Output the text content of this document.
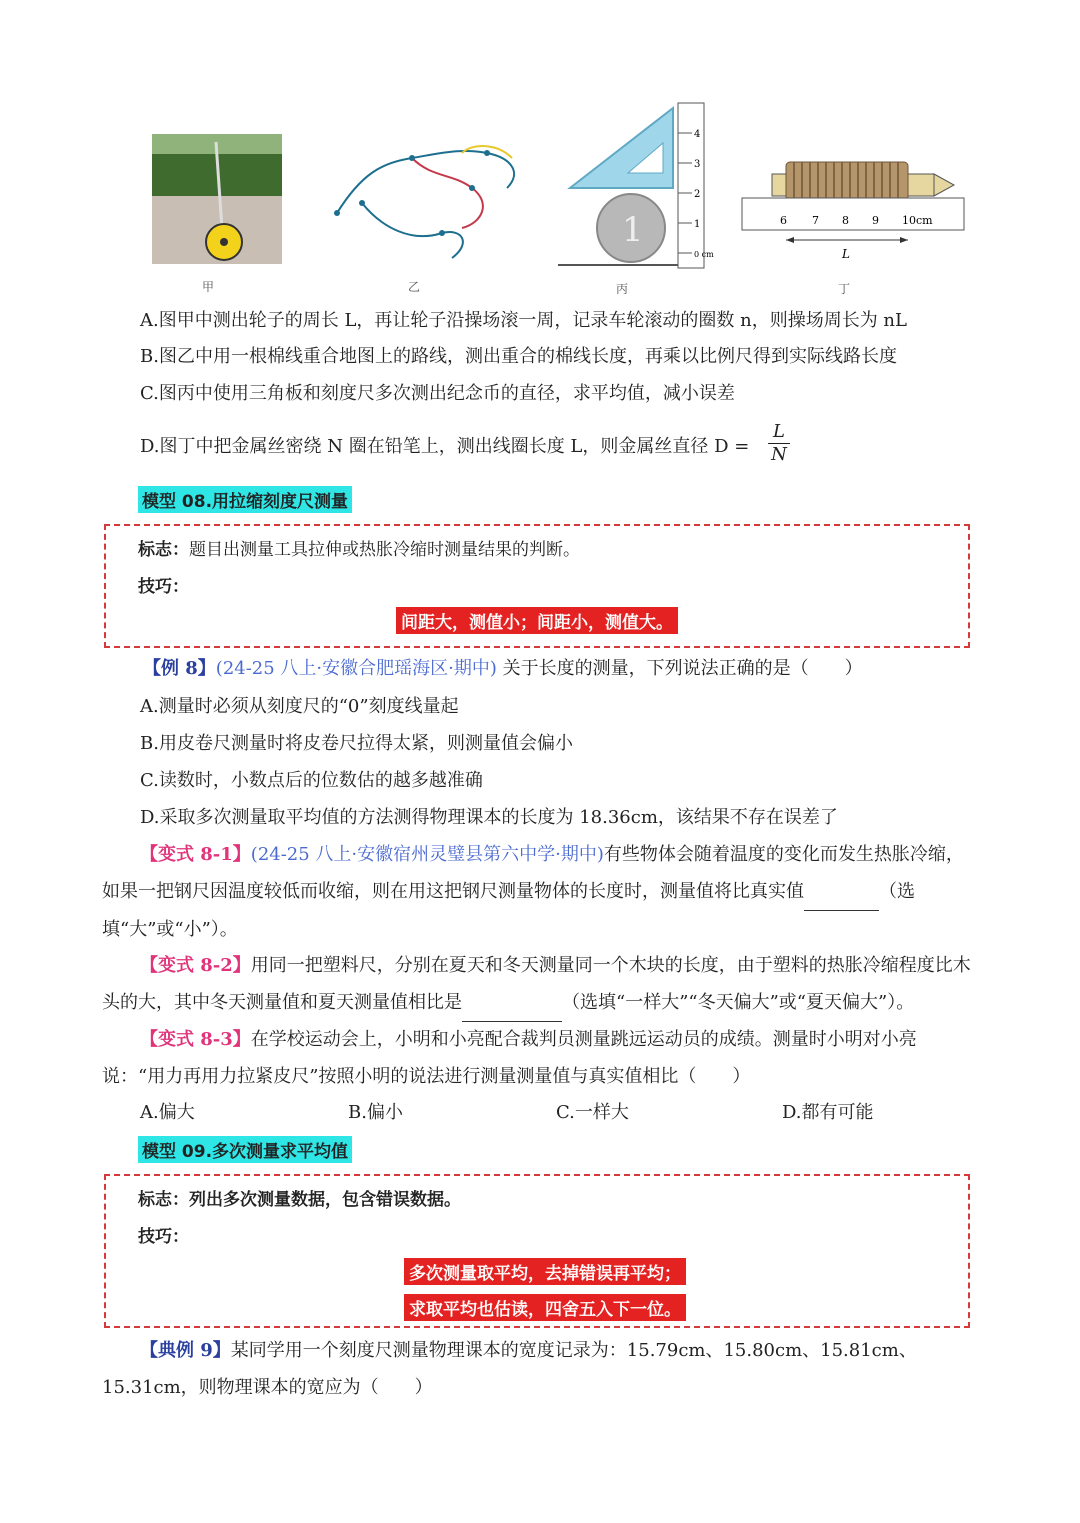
甲	乙
4
3
2
1
0 cm
1
丙
6 7 8 9 10cm
L
丁
A.图甲中测出轮子的周长 L，再让轮子沿操场滚一周，记录车轮滚动的圈数 n，则操场周长为 nL
B.图乙中用一根棉线重合地图上的路线，测出重合的棉线长度，再乘以比例尺得到实际线路长度
C.图丙中使用三角板和刻度尺多次测出纪念币的直径，求平均值，减小误差
D.图丁中把金属丝密绕 N 圈在铅笔上，测出线圈长度 L，则金属丝直径 $D = \frac{L}{N}$
模型 08.用拉缩刻度尺测量
标志：题目出测量工具拉伸或热胀冷缩时测量结果的判断。
技巧：
间距大，测值小；间距小，测值大。
【例 8】(24-25 八上·安徽合肥瑶海区·期中) 关于长度的测量，下列说法正确的是（　　）
A.测量时必须从刻度尺的“0”刻度线量起
B.用皮卷尺测量时将皮卷尺拉得太紧，则测量值会偏小
C.读数时，小数点后的位数估的越多越准确
D.采取多次测量取平均值的方法测得物理课本的长度为 18.36cm，该结果不存在误差了
【变式 8-1】(24-25 八上·安徽宿州灵璧县第六中学·期中)有些物体会随着温度的变化而发生热胀冷缩，如果一把钢尺因温度较低而收缩，则在用这把钢尺测量物体的长度时，测量值将比真实值	（选填“大”或“小”）。
【变式 8-2】用同一把塑料尺，分别在夏天和冬天测量同一个木块的长度，由于塑料的热胀冷缩程度比木头的大，其中冬天测量值和夏天测量值相比是	（选填“一样大”“冬天偏大”或“夏天偏大”）。
【变式 8-3】在学校运动会上，小明和小亮配合裁判员测量跳远运动员的成绩。测量时小明对小亮说：“用力再用力拉紧皮尺”按照小明的说法进行测量测量值与真实值相比（　　）
A.偏大	B.偏小	C.一样大	D.都有可能
模型 09.多次测量求平均值
标志：列出多次测量数据，包含错误数据。
技巧：
多次测量取平均，去掉错误再平均；
求取平均也估读，四舍五入下一位。
【典例 9】某同学用一个刻度尺测量物理课本的宽度记录为：15.79cm、15.80cm、15.81cm、15.31cm，则物理课本的宽应为（　　）
